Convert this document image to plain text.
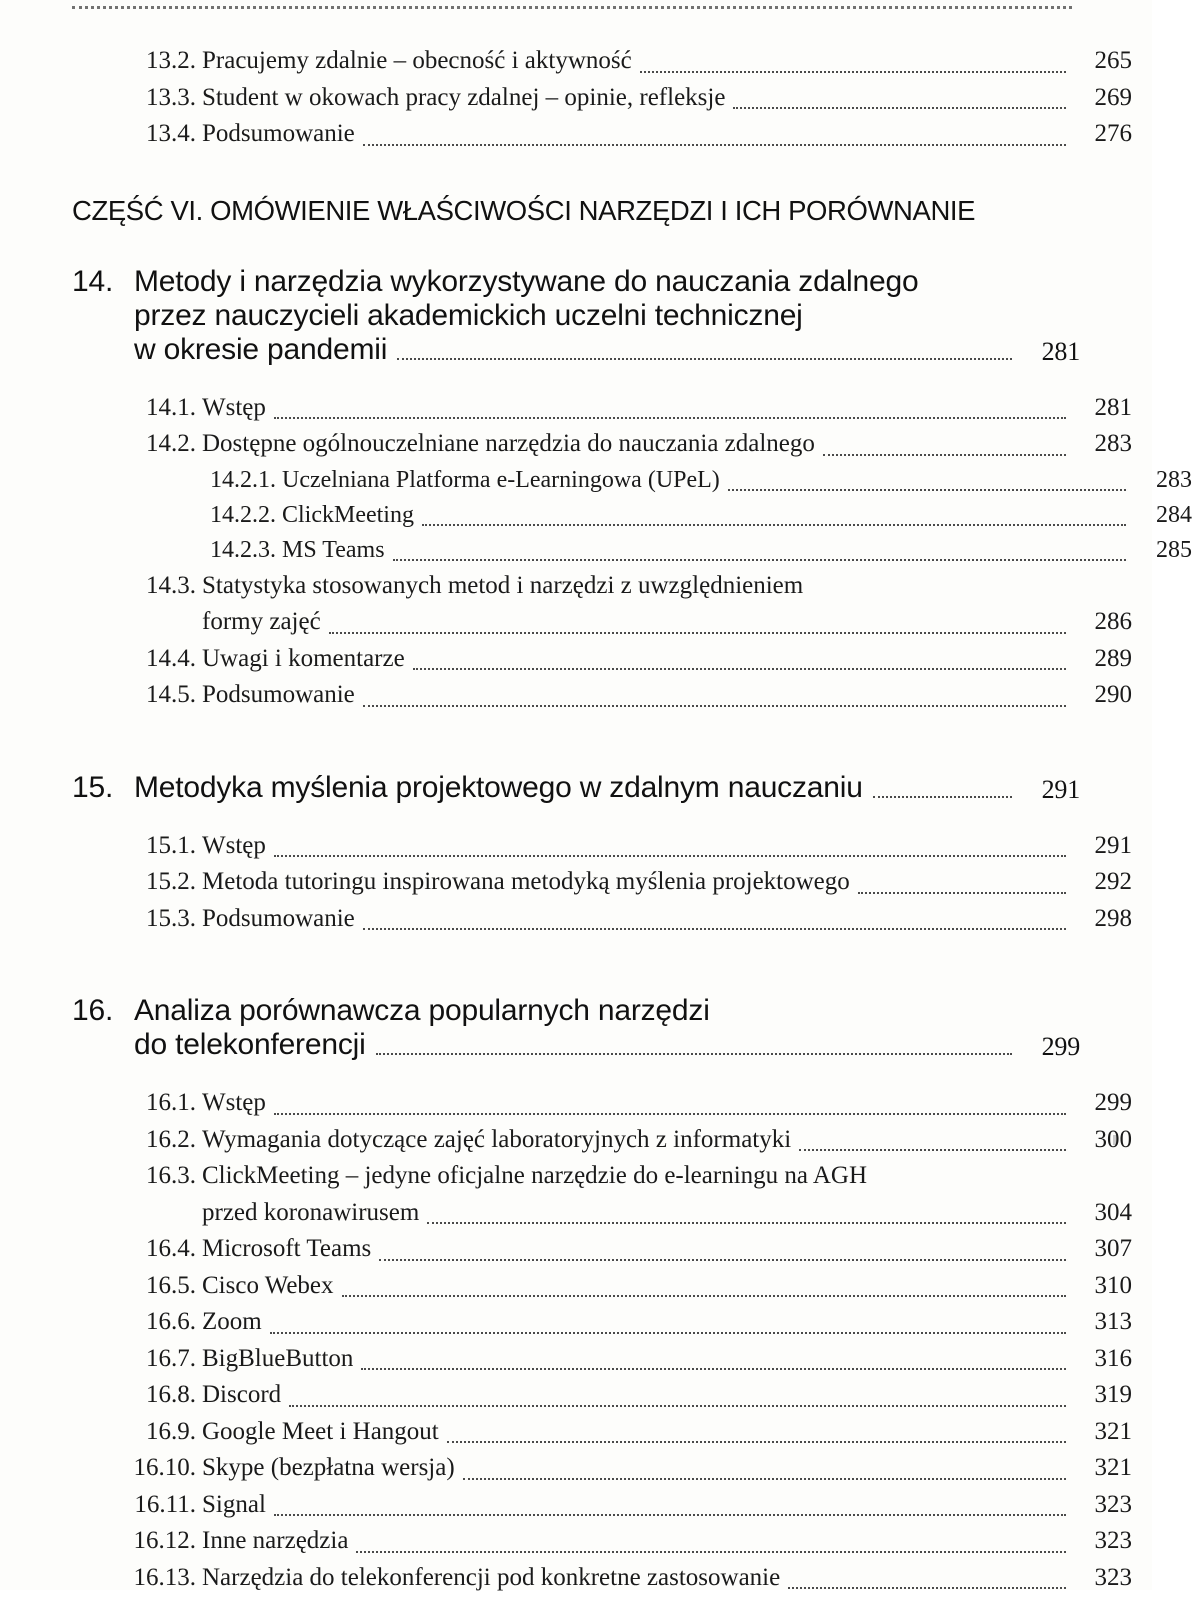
13.2. Pracujemy zdalnie – obecność i aktywność	265
13.3. Student w okowach pracy zdalnej – opinie, refleksje	269
13.4. Podsumowanie	276
CZĘŚĆ VI. OMÓWIENIE WŁAŚCIWOŚCI NARZĘDZI I ICH PORÓWNANIE
14. Metody i narzędzia wykorzystywane do nauczania zdalnego
przez nauczycieli akademickich uczelni technicznej
w okresie pandemii	281
14.1. Wstęp	281
14.2. Dostępne ogólnouczelniane narzędzia do nauczania zdalnego	283
14.2.1. Uczelniana Platforma e-Learningowa (UPeL)	283
14.2.2. ClickMeeting	284
14.2.3. MS Teams	285
14.3. Statystyka stosowanych metod i narzędzi z uwzględnieniem
formy zajęć	286
14.4. Uwagi i komentarze	289
14.5. Podsumowanie	290
15. Metodyka myślenia projektowego w zdalnym nauczaniu	291
15.1. Wstęp	291
15.2. Metoda tutoringu inspirowana metodyką myślenia projektowego	292
15.3. Podsumowanie	298
16. Analiza porównawcza popularnych narzędzi
do telekonferencji	299
16.1. Wstęp	299
16.2. Wymagania dotyczące zajęć laboratoryjnych z informatyki	300
16.3. ClickMeeting – jedyne oficjalne narzędzie do e-learningu na AGH
przed koronawirusem	304
16.4. Microsoft Teams	307
16.5. Cisco Webex	310
16.6. Zoom	313
16.7. BigBlueButton	316
16.8. Discord	319
16.9. Google Meet i Hangout	321
16.10. Skype (bezpłatna wersja)	321
16.11. Signal	323
16.12. Inne narzędzia	323
16.13. Narzędzia do telekonferencji pod konkretne zastosowanie	323
